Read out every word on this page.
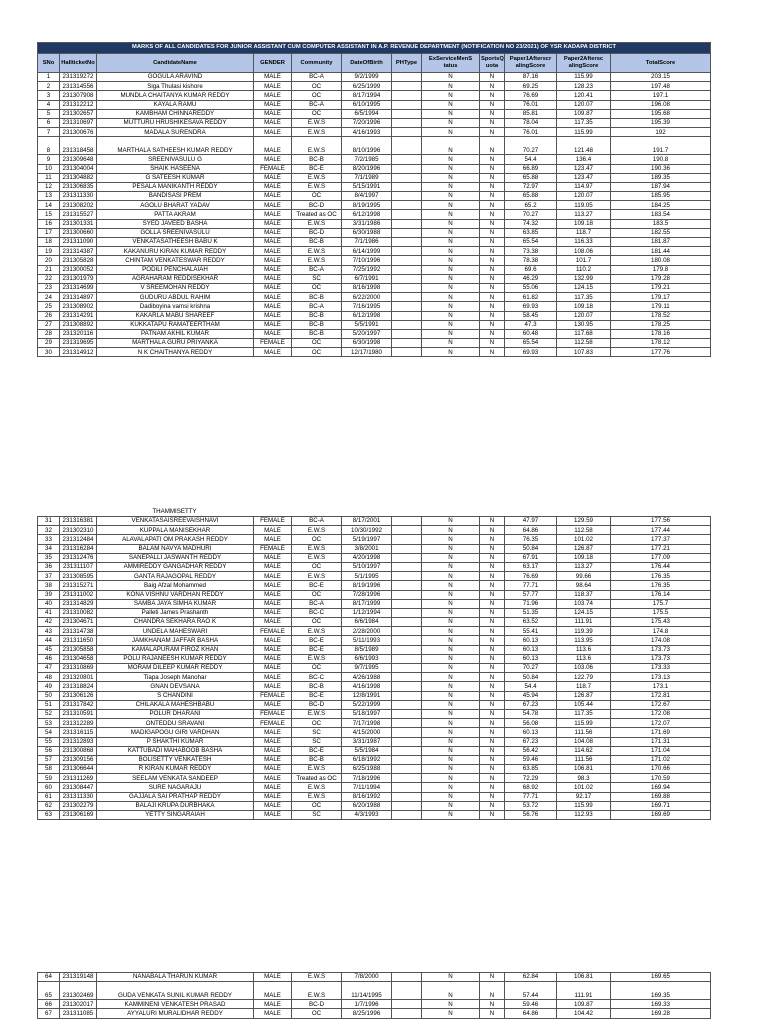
MARKS OF ALL CANDIDATES FOR JUNIOR ASSISTANT CUM COMPUTER ASSISTANT IN A.P. REVENUE DEPARTMENT (NOTIFICATION NO 23/2021) OF YSR KADAPA DISTRICT											
SNo	HallticketNo	CandidateName	GENDER	Community	DateOfBirth	PHType	ExServiceMenS tatus	SportsQ uota	Paper1Afterscr alingScore	Paper2Aftersc alingScore	TotalScore
1	231319272	GOGULA ARAVIND	MALE	BC-A	9/2/1999		N	N	87.16	115.99	203.15
2	231314556	Siga Thulasi kishore	MALE	OC	6/25/1999		N	N	69.25	128.23	197.48
3	231307908	MUNDLA CHAITANYA KUMAR REDDY	MALE	OC	8/17/1994		N	N	76.69	120.41	197.1
4	231312212	KAYALA RAMU	MALE	BC-A	6/10/1995		N	N	76.01	120.07	196.08
5	231302657	KAMBHAM CHINNAREDDY	MALE	OC	6/5/1994		N	N	85.81	109.87	195.68
6	231310697	MUTTURU HRUSHIKESAVA REDDY	MALE	E.W.S	7/20/1996		N	N	78.04	117.35	195.39
7	231300676	MADALA SURENDRA	MALE	E.W.S	4/16/1993		N	N	76.01	115.99	192
8	231318458	MARTHALA SATHEESH KUMAR REDDY	MALE	E.W.S	8/10/1996		N	N	70.27	121.48	191.7
9	231309648	SREENIVASULU G	MALE	BC-B	7/2/1985		N	N	54.4	136.4	190.8
10	231304004	SHAIK HASEENA	FEMALE	BC-E	8/20/1996		N	N	66.89	123.47	190.36
11	231304882	G SATEESH KUMAR	MALE	E.W.S	7/1/1989		N	N	65.88	123.47	189.35
12	231306835	PESALA MANIKANTH REDDY	MALE	E.W.S	5/15/1991		N	N	72.97	114.97	187.94
13	231311330	BANDISASI PREM	MALE	OC	8/4/1997		N	N	65.88	120.07	185.95
14	231308202	AGOLU BHARAT YADAV	MALE	BC-D	8/19/1995		N	N	65.2	119.05	184.25
15	231315527	PATTA AKRAM	MALE	Treated as OC	6/12/1998		N	N	70.27	113.27	183.54
16	231301331	SYED JAVEED BASHA	MALE	E.W.S	3/31/1986		N	N	74.32	109.18	183.5
17	231300660	GOLLA SREENIVASULU	MALE	BC-D	6/30/1988		N	N	63.85	118.7	182.55
18	231311090	VENKATASATHEESH BABU K	MALE	BC-B	7/1/1986		N	N	65.54	116.33	181.87
19	231314387	KAKANURU KIRAN KUMAR REDDY	MALE	E.W.S	6/14/1999		N	N	73.38	108.06	181.44
20	231305828	CHINTAM VENKATESWAR REDDY	MALE	E.W.S	7/10/1996		N	N	78.38	101.7	180.08
21	231300052	PODILI PENCHALAIAH	MALE	BC-A	7/25/1992		N	N	69.6	110.2	179.8
22	231301979	AGRAHARAM REDDISEKHAR	MALE	SC	6/7/1991		N	N	46.29	132.99	179.28
23	231314699	V SREEMOHAN REDDY	MALE	OC	8/16/1998		N	N	55.06	124.15	179.21
24	231314897	GUDURU ABDUL RAHIM	MALE	BC-B	6/22/2000		N	N	61.82	117.35	179.17
25	231308902	Dadiboyina vamsi krishna	MALE	BC-A	7/16/1995		N	N	69.93	109.18	179.11
26	231314291	KAKARLA MABU SHAREEF	MALE	BC-B	6/12/1998		N	N	58.45	120.07	178.52
27	231308892	KUKKATAPU RAMATEERTHAM	MALE	BC-B	5/5/1991		N	N	47.3	130.95	178.25
28	231320116	PATNAM AKHIL KUMAR	MALE	BC-B	5/20/1997		N	N	60.48	117.68	178.16
29	231319695	MARTHALA GURU PRIYANKA	FEMALE	OC	6/30/1998		N	N	65.54	112.58	178.12
30	231314912	N K CHAITHANYA REDDY	MALE	OC	12/17/1980		N	N	69.93	107.83	177.76
THAMMISETTY
31	231316381	VENKATASAISREEVAISHNAVI	FEMALE	BC-A	8/17/2001		N	N	47.97	129.59	177.56
32	231302310	KUPPALA MANISEKHAR	MALE	E.W.S	10/30/1992		N	N	64.86	112.58	177.44
33	231312484	ALAVALAPATI OM PRAKASH REDDY	MALE	OC	5/19/1997		N	N	76.35	101.02	177.37
34	231316284	BALAM NAVYA MADHURI	FEMALE	E.W.S	3/8/2001		N	N	50.84	126.87	177.21
35	231312476	SANEPALLI JASWANTH REDDY	MALE	E.W.S	4/20/1998		N	N	67.91	109.18	177.09
36	231311107	AMMIREDDY GANGADHAR REDDY	MALE	OC	5/10/1997		N	N	63.17	113.27	176.44
37	231308595	GANTA RAJAGOPAL REDDY	MALE	E.W.S	5/1/1995		N	N	76.69	99.66	176.35
38	231315271	Baig Afzal Mohammed	MALE	BC-E	8/19/1996		N	N	77.71	98.64	176.35
39	231311002	KONA VISHNU VARDHAN REDDY	MALE	OC	7/28/1996		N	N	57.77	118.37	176.14
40	231314829	SAMBA JAYA SIMHA KUMAR	MALE	BC-A	8/17/1999		N	N	71.96	103.74	175.7
41	231310082	Palleti James Prashanth	MALE	BC-C	1/12/1994		N	N	51.35	124.15	175.5
42	231304671	CHANDRA SEKHARA RAO K	MALE	OC	6/6/1984		N	N	63.52	111.91	175.43
43	231314738	UNDELA MAHESWARI	FEMALE	E.W.S	2/28/2000		N	N	55.41	119.39	174.8
44	231311650	JAMKHANAM JAFFAR BASHA	MALE	BC-E	5/11/1993		N	N	60.13	113.95	174.08
45	231305858	KAMALAPURAM FIROZ KHAN	MALE	BC-E	8/5/1989		N	N	60.13	113.6	173.73
46	231304658	POLU RAJANEESH KUMAR REDDY	MALE	E.W.S	6/6/1993		N	N	60.13	113.6	173.73
47	231310869	MORAM DILEEP KUMAR REDDY	MALE	OC	9/7/1995		N	N	70.27	103.06	173.33
48	231320801	Tiapa Joseph Manohar	MALE	BC-C	4/26/1988		N	N	50.84	122.79	173.13
49	231318824	GNAN DEVSANA	MALE	BC-B	4/16/1998		N	N	54.4	118.7	173.1
50	231306126	S CHANDINI	FEMALE	BC-E	12/8/1991		N	N	45.94	126.87	172.81
51	231317842	CHILAKALA MAHESHBABU	MALE	BC-D	5/22/1999		N	N	67.23	105.44	172.67
52	231310591	POLUR DHARANI	FEMALE	E.W.S	5/18/1997		N	N	54.78	117.35	172.08
53	231312289	ONTEDDU SRAVANI	FEMALE	OC	7/17/1998		N	N	56.08	115.99	172.07
54	231316115	MADIGAPOGU GIRI VARDHAN	MALE	SC	4/15/2000		N	N	60.13	111.56	171.69
55	231312893	P SHAKTHI KUMAR	MALE	SC	3/31/1987		N	N	67.23	104.08	171.31
56	231300868	KATTUBADI MAHABOOB BASHA	MALE	BC-E	5/5/1984		N	N	56.42	114.62	171.04
57	231309156	BOLISETTY VENKATESH	MALE	BC-B	6/18/1992		N	N	59.46	111.56	171.02
58	231306644	R KIRAN KUMAR REDDY	MALE	E.W.S	6/25/1988		N	N	63.85	106.81	170.66
59	231311269	SEELAM VENKATA SANDEEP	MALE	Treated as OC	7/18/1996		N	N	72.29	98.3	170.59
60	231308447	SURE NAGARAJU	MALE	E.W.S	7/11/1994		N	N	68.92	101.02	169.94
61	231311330	GAJJALA SAI PRATHAP REDDY	MALE	E.W.S	8/16/1992		N	N	77.71	92.17	169.88
62	231302279	BALAJI KRUPA DURBHAKA	MALE	OC	6/20/1988		N	N	53.72	115.99	169.71
63	231306169	YETTY SINGARAIAH	MALE	SC	4/3/1993		N	N	56.76	112.93	169.69
64	231319148	NANABALA THARUN KUMAR	MALE	E.W.S	7/8/2000		N	N	62.84	106.81	169.65
65	231302469	GUDA VENKATA SUNIL KUMAR REDDY	MALE	E.W.S	11/14/1995		N	N	57.44	111.91	169.35
66	231302017	KAMMINENI VENKATESH PRASAD	MALE	BC-D	1/7/1996		N	N	59.46	109.87	169.33
67	231311085	AYYALURI MURALIDHAR REDDY	MALE	OC	8/25/1996		N	N	64.86	104.42	169.28
